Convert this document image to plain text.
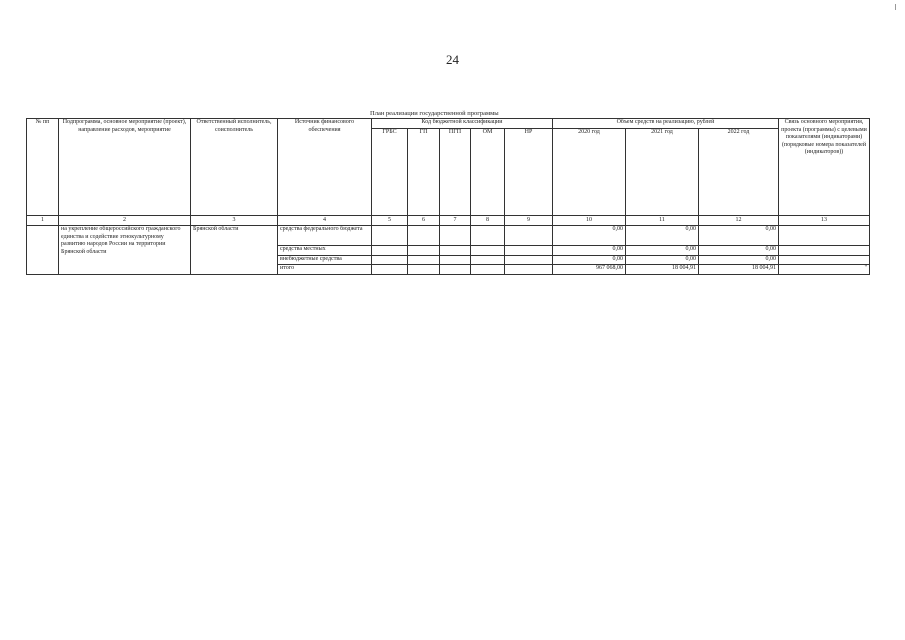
24
План реализации государственной программы
№ пп	Подпрограмма, основное мероприятие (проект), направление расходов, мероприятие	Ответственный исполнитель, соисполнитель	Источник финансового обеспечения	Код бюджетной классификации					Объем средств на реализацию, рублей			Связь основного мероприятия, проекта (программы) с целевыми показателями (индикаторами) (порядковые номера показателей (индикаторов))
				ГРБС	ГП	ПГП	ОМ	НР	2020 год	2021 год	2022 год	
1	2	3	4	5	6	7	8	9	10	11	12	13
	на укрепление общероссийского гражданского единства и содействие этнокультурному развитию народов России на территории Брянской области	Брянской области	средства федерального бюджета						0,00	0,00	0,00	
			средства местных						0,00	0,00	0,00	
			внебюджетные средства						0,00	0,00	0,00	
			итого						967 068,00	18 004,91	18 004,91	"
